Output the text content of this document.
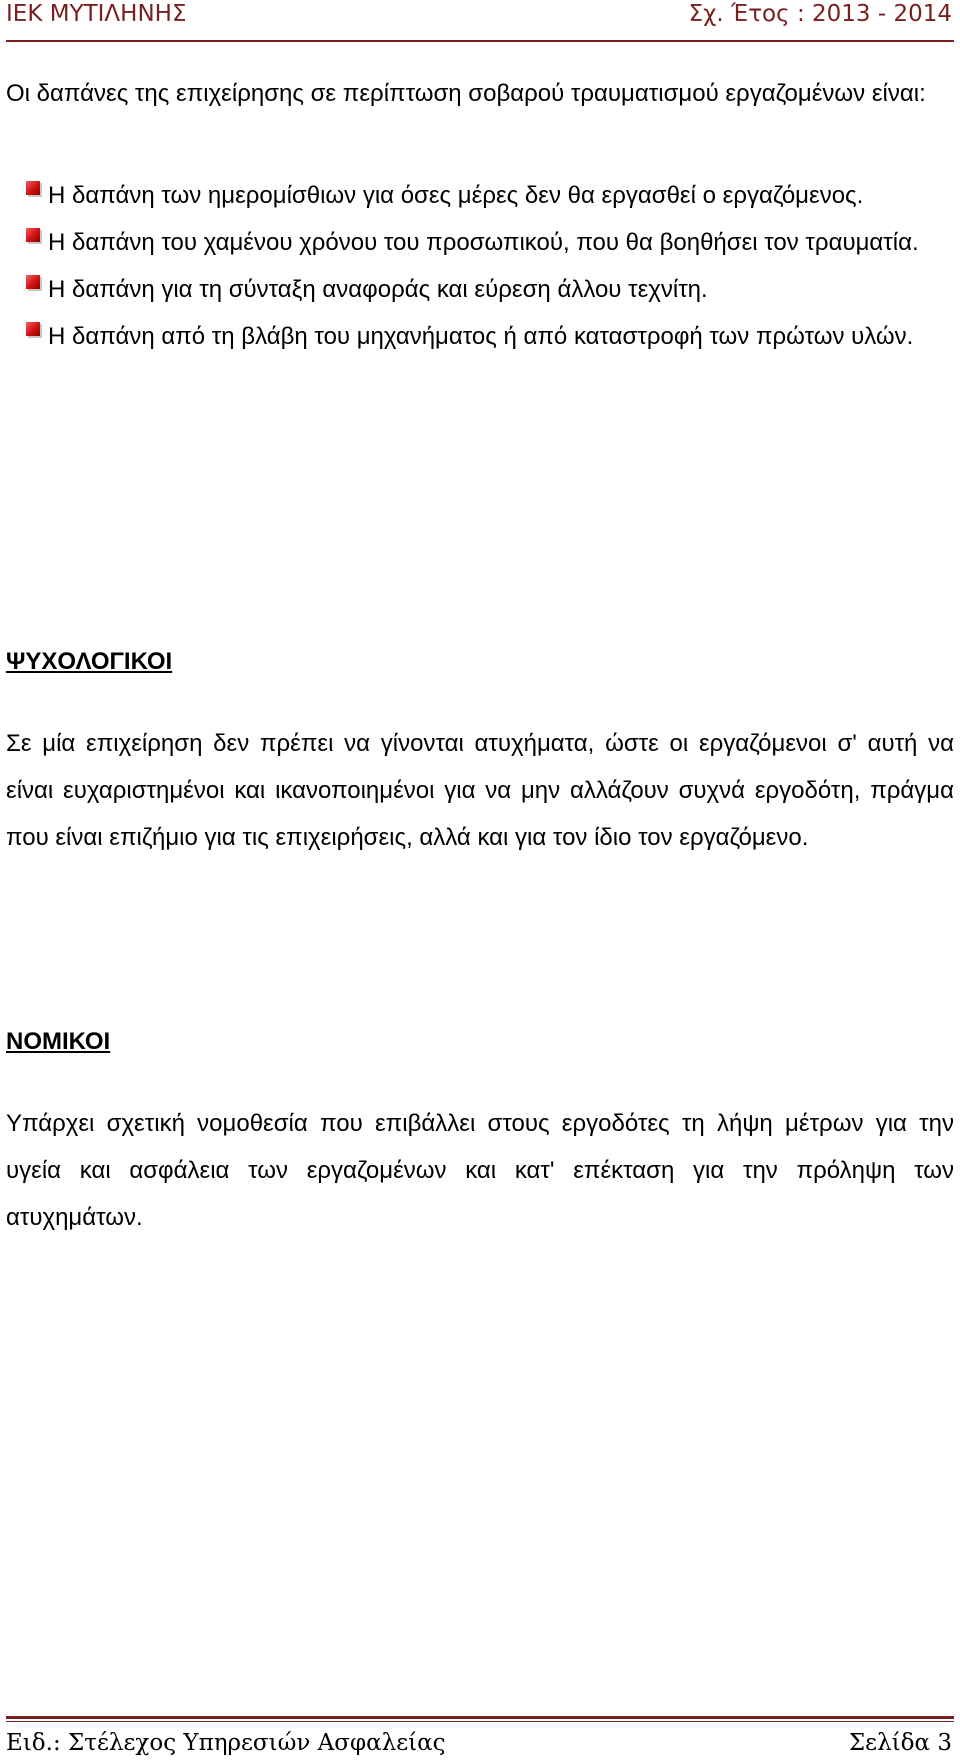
ΙΕΚ ΜΥΤΙΛΗΝΗΣ	Σχ. Έτος : 2013 - 2014

Οι δαπάνες της επιχείρησης σε περίπτωση σοβαρού τραυματισμού εργαζομένων είναι:

Η δαπάνη των ημερομίσθιων για όσες μέρες δεν θα εργασθεί ο εργαζόμενος.
Η δαπάνη του χαμένου χρόνου του προσωπικού, που θα βοηθήσει τον τραυματία.
Η δαπάνη για τη σύνταξη αναφοράς και εύρεση άλλου τεχνίτη.
Η δαπάνη από τη βλάβη του μηχανήματος ή από καταστροφή των πρώτων υλών.
ΨΥΧΟΛΟΓΙΚΟΙ

Σε μία επιχείρηση δεν πρέπει να γίνονται ατυχήματα, ώστε οι εργαζόμενοι σ' αυτή να είναι ευχαριστημένοι και ικανοποιημένοι για να μην αλλάζουν συχνά εργοδότη, πράγμα που είναι επιζήμιο για τις επιχειρήσεις, αλλά και για τον ίδιο τον εργαζόμενο.

ΝΟΜΙΚΟΙ

Υπάρχει σχετική νομοθεσία που επιβάλλει στους εργοδότες τη λήψη μέτρων για την υγεία και ασφάλεια των εργαζομένων και κατ' επέκταση για την πρόληψη των ατυχημάτων.

Ειδ.: Στέλεχος Υπηρεσιών Ασφαλείας	Σελίδα 3
